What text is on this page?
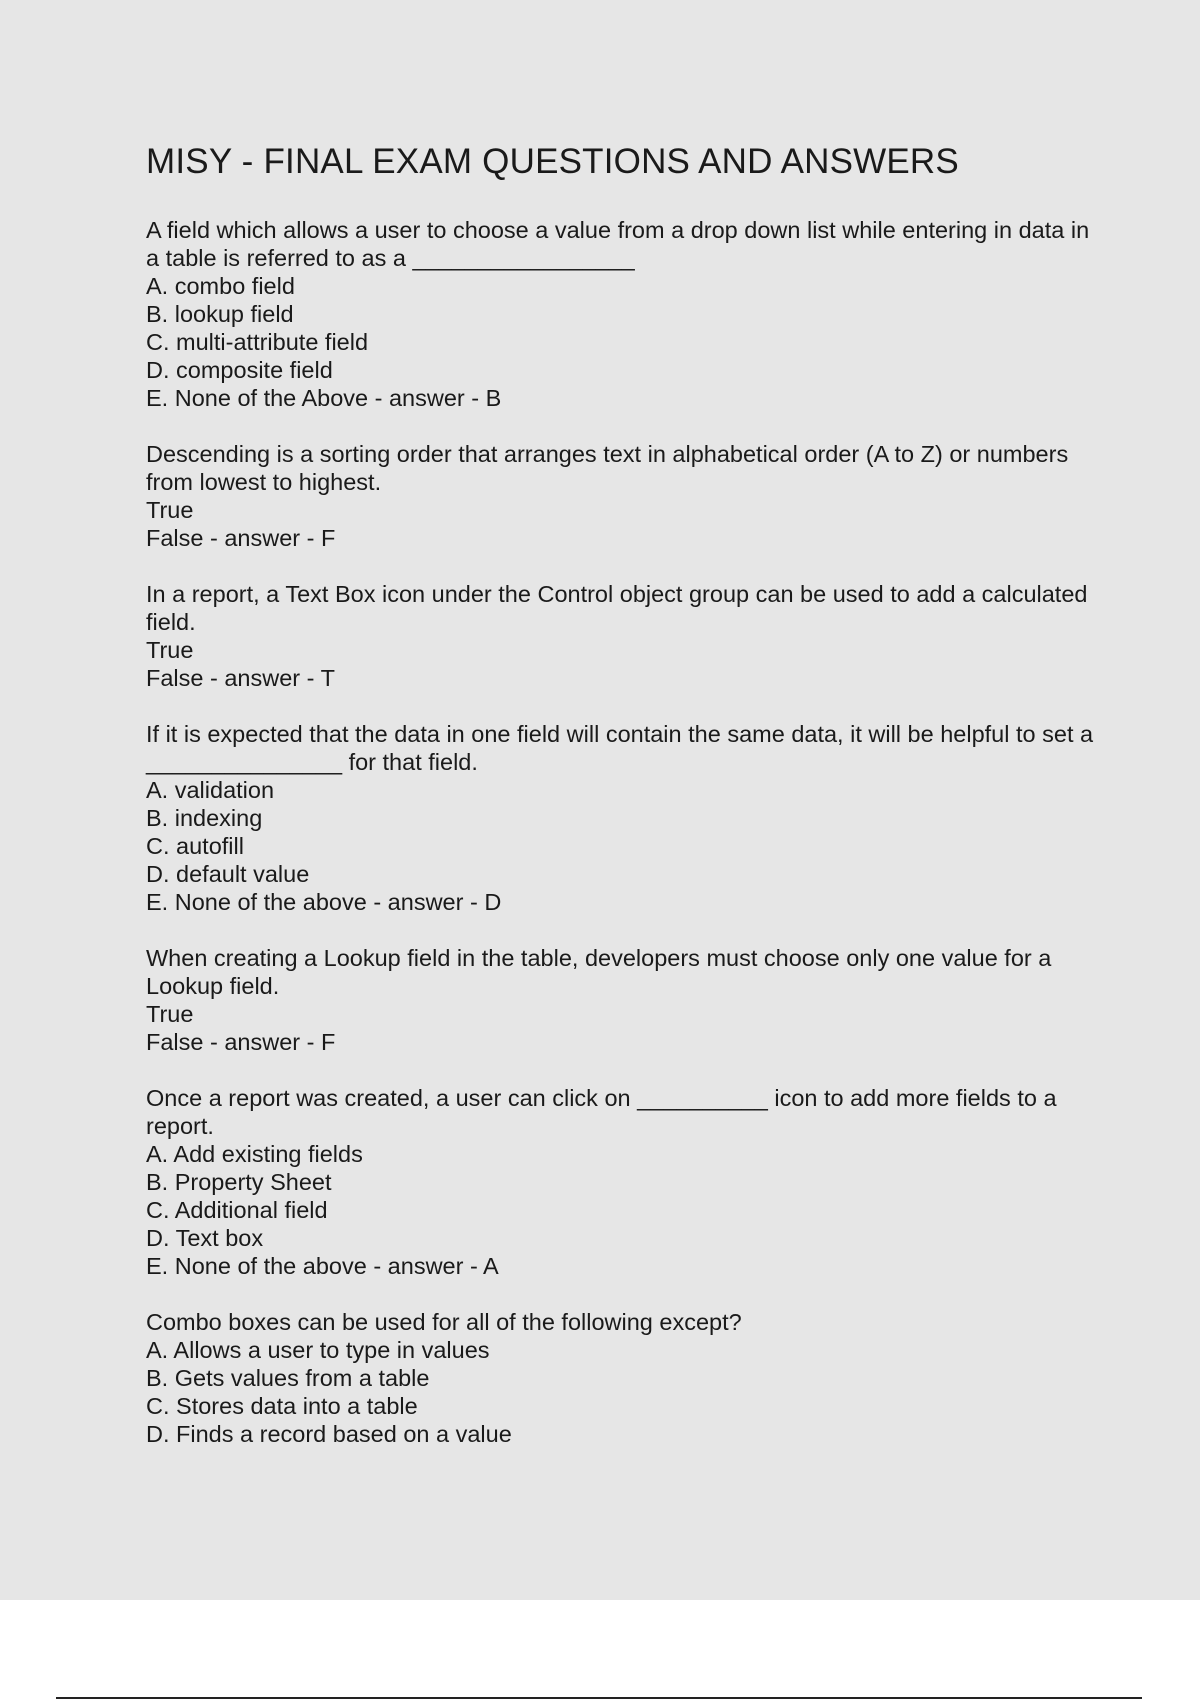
MISY - FINAL EXAM QUESTIONS AND ANSWERS

A field which allows a user to choose a value from a drop down list while entering in data in a table is referred to as a _________________

A. combo field

B. lookup field

C. multi-attribute field

D. composite field

E. None of the Above - answer - B

Descending is a sorting order that arranges text in alphabetical order (A to Z) or numbers from lowest to highest.

True

False - answer - F

In a report, a Text Box icon under the Control object group can be used to add a calculated field.

True

False - answer - T

If it is expected that the data in one field will contain the same data, it will be helpful to set a _______________ for that field.

A. validation

B. indexing

C. autofill

D. default value

E. None of the above - answer - D

When creating a Lookup field in the table, developers must choose only one value for a Lookup field.

True

False - answer - F

Once a report was created, a user can click on __________ icon to add more fields to a report.

A. Add existing fields

B. Property Sheet

C. Additional field

D. Text box

E. None of the above - answer - A

Combo boxes can be used for all of the following except?

A. Allows a user to type in values

B. Gets values from a table

C. Stores data into a table

D. Finds a record based on a value
